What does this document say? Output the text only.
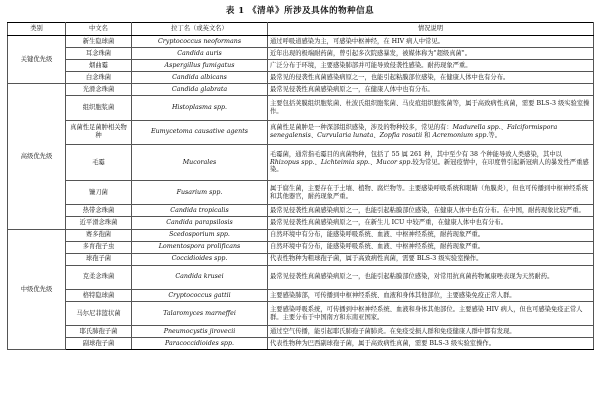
表 1 《清单》所涉及具体的物种信息
类别	中文名	拉丁名（或英文名）	情况说明
关键优先级	新生隐球菌	Cryptococcus neoformans	通过呼吸道感染为主，可感染中枢神经，在 HIV 病人中常见。
	耳念珠菌	Candida auris	近年出现的极端耐药菌，曾引起多次院感暴发，被媒体称为"超级真菌"。
	烟曲霉	Aspergillus fumigatus	广泛分布于环境，主要感染肺部并可能导致侵袭性感染。耐药现象严重。
	白念珠菌	Candida albicans	最常见的侵袭性真菌感染病原之一，也能引起粘膜部位感染，在健康人体中也有分布。
高级优先级	光滑念珠菌	Candida glabrata	最常见侵袭性真菌感染病原之一，在健康人体中也有分布。
	组织胞浆菌	Histoplasma spp.	主要包括荚膜组织胞浆菌、杜波氏组织胞浆菌、马皮疽组织胞浆菌等，属于高致病性真菌，需要 BLS-3 级实验室操作。
	真菌性足菌肿相关物种	Eumycetoma causative agents	真菌性足菌肿是一种深部组织感染，涉及的物种较多，常见的有：Madurella spp.、Falciformispora senegalensis、Curvularia lunata、Zopfia rosatii 和 Acremonium spp.等。
	毛霉	Mucorales	毛霉菌，通常指毛霉目的真菌物种，包括了 55 属 261 种，其中至少有 38 个种能导致人类感染，其中以 Rhizopus spp.、Lichteimia spp.、Mucor spp.较为常见。新冠疫情中，在印度曾引起新冠病人的暴发性严重感染。
	镰刀菌	Fusarium spp.	属于腐生菌，主要存在于土壤、植物、腐烂物等。主要感染呼吸系统和眼睛（角膜炎），但也可传播到中枢神经系统和其他器官，耐药现象严重。
	热带念珠菌	Candida tropicalis	最常见侵袭性真菌感染病原之一，也能引起粘膜部位感染，在健康人体中也有分布。在中国，耐药现象比较严重。
	近平滑念珠菌	Candida parapsilosis	最常见侵袭性真菌感染病原之一，在新生儿 ICU 中较严重，在健康人体中也有分布。
中级优先级	赛多孢菌	Scedosporium spp.	自然环境中有分布，能感染呼吸系统、血液、中枢神经系统，耐药现象严重。
	多育孢子虫	Lomentospora prolificans	自然环境中有分布，能感染呼吸系统、血液、中枢神经系统，耐药现象严重。
	球孢子菌	Coccidioides spp.	代表性物种为粗球孢子菌，属于高致病性真菌，需要 BLS-3 级实验室操作。
	克柔念珠菌	Candida krusei	最常见侵袭性真菌感染病原之一，也能引起粘膜部位感染，对常用抗真菌药物氟康唑表现为天然耐药。
	格特隐球菌	Cryptococcus gattii	主要感染肺部，可传播到中枢神经系统、血液和身体其他部位，主要感染免疫正常人群。
	马尔尼菲篮状菌	Talaromyces marneffei	主要感染呼吸系统，可传播到中枢神经系统、血液和身体其他部位。主要感染 HIV 病人，但也可感染免疫正常人群。主要分布于中国南方和东南亚国家。
	耶氏肺孢子菌	Pneumocystis jirovecii	通过空气传播，能引起耶氏肺孢子菌肺炎。在免疫受损人群和免疫健康人群中都有发现。
	副球孢子菌	Paracoccidioides spp.	代表性物种为巴西副球孢子菌，属于高致病性真菌，需要 BLS-3 级实验室操作。
